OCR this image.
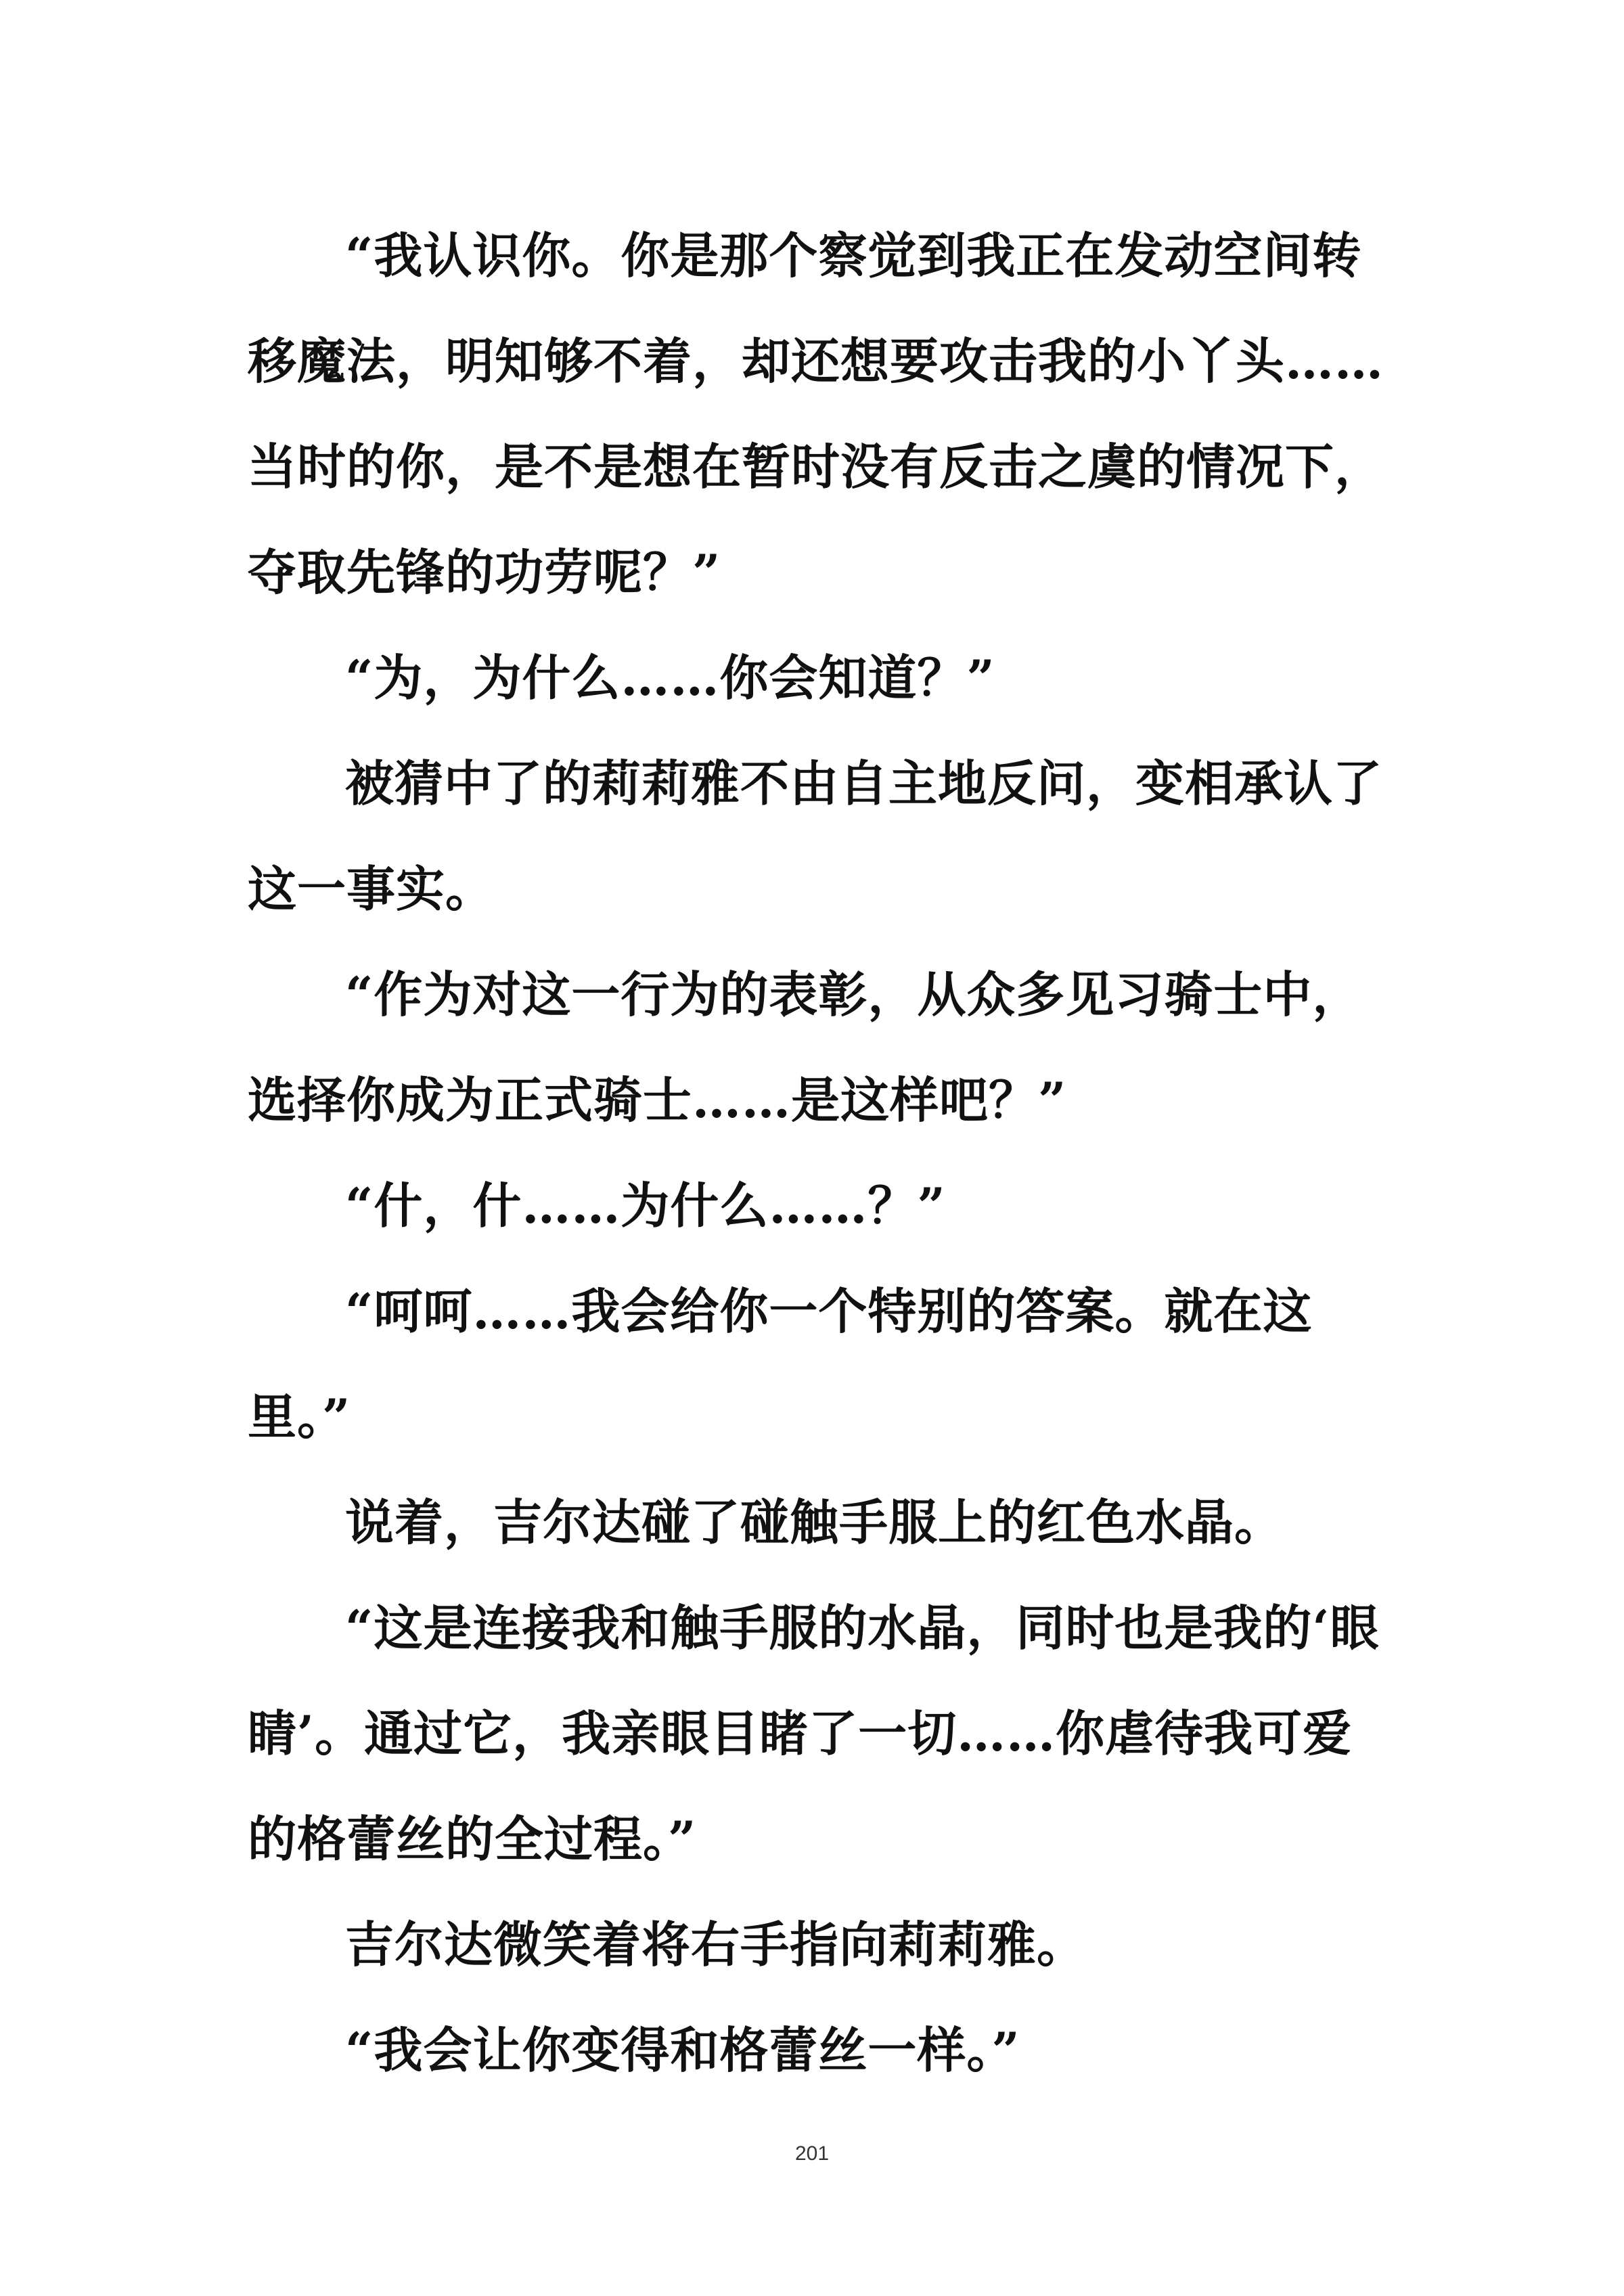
“我认识你。你是那个察觉到我正在发动空间转移魔法，明知够不着，却还想要攻击我的小丫头……当时的你，是不是想在暂时没有反击之虞的情况下，夺取先锋的功劳呢？”

“为，为什么……你会知道？”

被猜中了的莉莉雅不由自主地反问，变相承认了这一事实。

“作为对这一行为的表彰，从众多见习骑士中，选择你成为正式骑士……是这样吧？”

“什，什……为什么……？”

“呵呵……我会给你一个特别的答案。就在这里。”

说着，吉尔达碰了碰触手服上的红色水晶。

“这是连接我和触手服的水晶，同时也是我的‘眼睛’。通过它，我亲眼目睹了一切……你虐待我可爱的格蕾丝的全过程。”

吉尔达微笑着将右手指向莉莉雅。

“我会让你变得和格蕾丝一样。”

201
